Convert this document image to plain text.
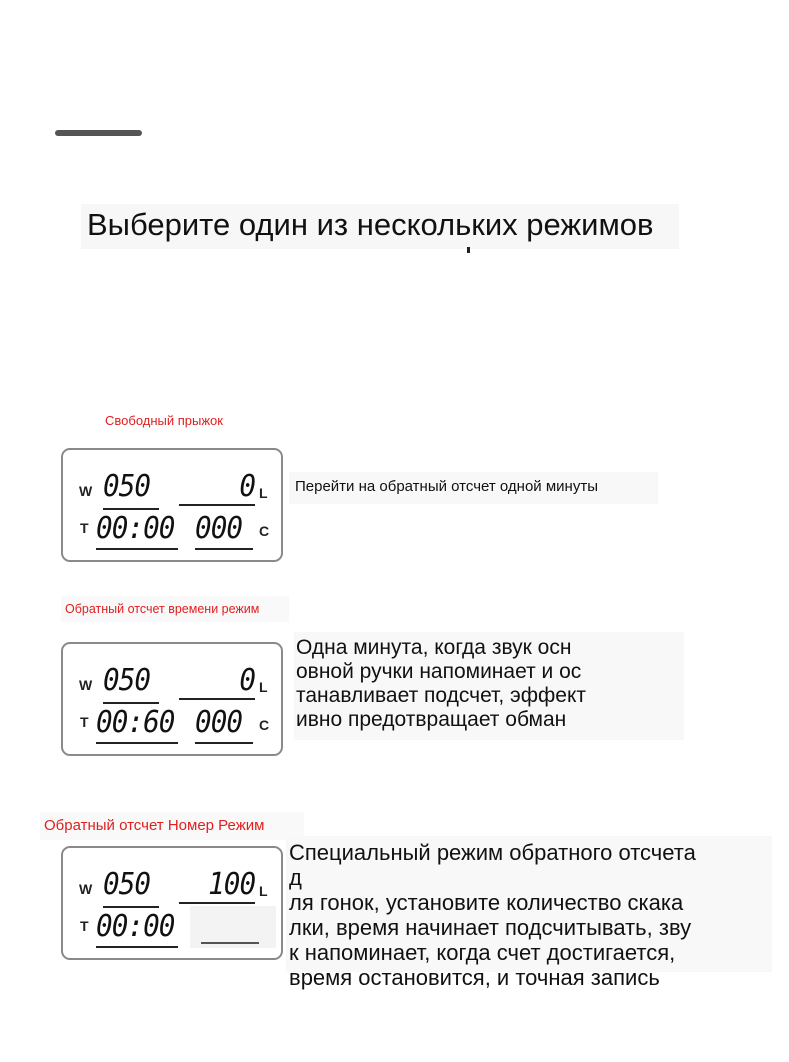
Выберите один из нескольких режимов
Свободный прыжок
W 050	0 L
T 00:00 000 C
Перейти на обратный отсчет одной минуты
Обратный отсчет времени режим
W 050	0 L
T 00:60 000 C
Одна минута, когда звук осн
овной ручки напоминает и ос
танавливает подсчет, эффект
ивно предотвращает обман
Обратный отсчет Номер Режим
W 050 100 L
T 00:00
Специальный режим обратного отсчета
д
ля гонок, установите количество скака
лки, время начинает подсчитывать, зву
к напоминает, когда счет достигается,
время остановится, и точная запись
